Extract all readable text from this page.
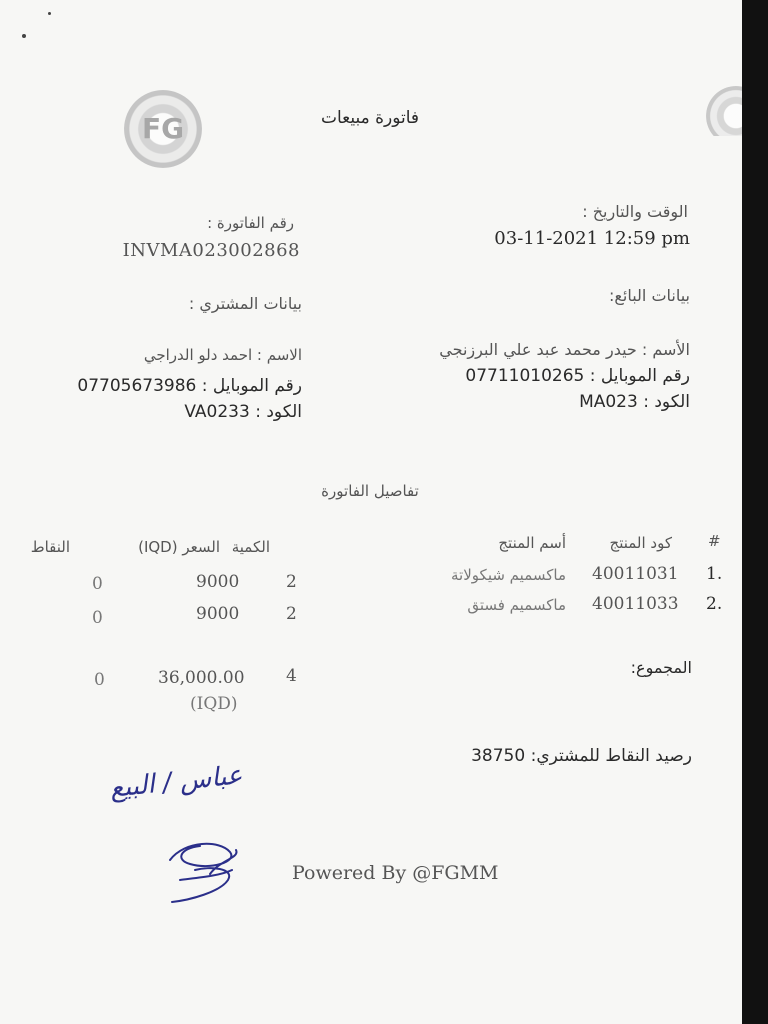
FG	فاتورة مبيعات
الوقت والتاريخ :
03-11-2021 12:59 pm
بيانات البائع:
الأسم : حيدر محمد عبد علي البرزنجي
رقم الموبايل : 07711010265
الكود : MA023
رقم الفاتورة :
INVMA023002868
بيانات المشتري :
الاسم : احمد دلو الدراجي
رقم الموبايل : 07705673986
الكود : VA0233
تفاصيل الفاتورة
#
كود المنتج
أسم المنتج
الكمية
السعر (IQD)
النقاط
1.
40011031
ماكسميم شيكولاتة
2
9000
0
2.
40011033
ماكسميم فستق
2
9000
0
المجموع:
4
36,000.00
(IQD)
0
رصيد النقاط للمشتري: 38750
عباس / البيع
Powered By @FGMM
